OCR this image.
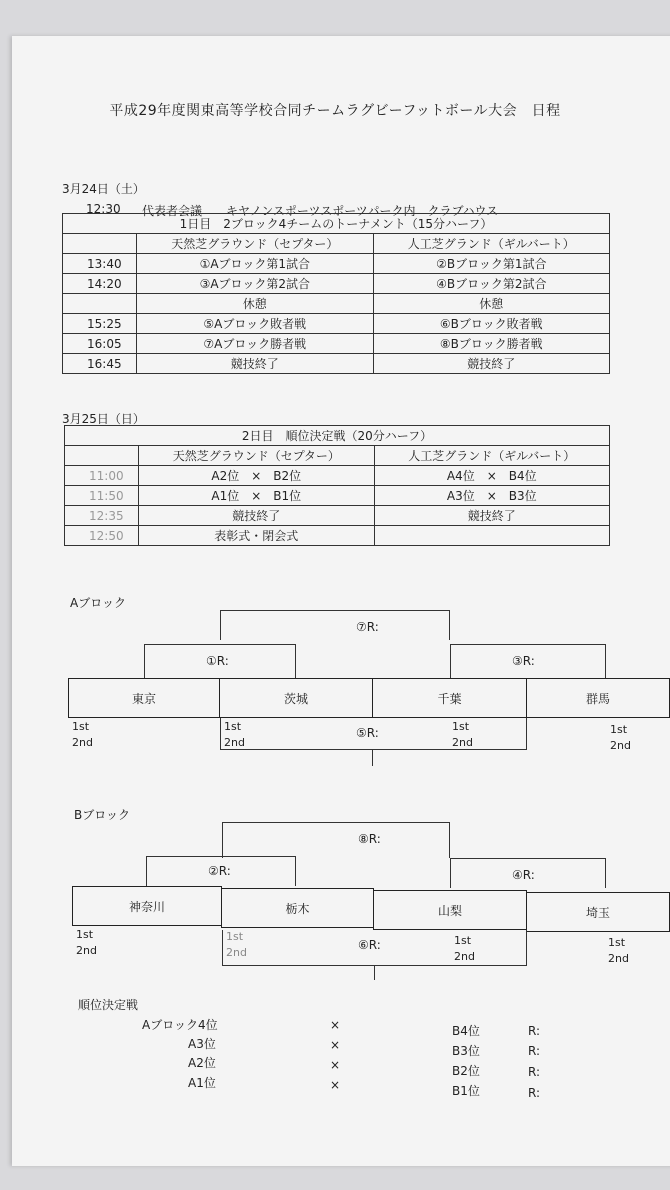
平成29年度関東高等学校合同チームラグビーフットボール大会　日程
3月24日（土）
12:30 代表者会議　　キヤノンスポーツスポーツパーク内　クラブハウス
1日目　2ブロック4チームのトーナメント（15分ハーフ）		
	天然芝グラウンド（セプター）	人工芝グランド（ギルバート）
13:40	①Aブロック第1試合	②Bブロック第1試合
14:20	③Aブロック第2試合	④Bブロック第2試合
	休憩	休憩
15:25	⑤Aブロック敗者戦	⑥Bブロック敗者戦
16:05	⑦Aブロック勝者戦	⑧Bブロック勝者戦
16:45	競技終了	競技終了
3月25日（日）
2日目　順位決定戦（20分ハーフ）		
	天然芝グラウンド（セプター）	人工芝グランド（ギルバート）
11:00	A2位　×　B2位	A4位　×　B4位
11:50	A1位　×　B1位	A3位　×　B3位
12:35	競技終了	競技終了
12:50	表彰式・閉会式	
Aブロック
⑦R:
①R:	③R:
東京	茨城	千葉	群馬
⑤R:
1st
2nd
1st
2nd
1st
2nd
1st
2nd
Bブロック
⑧R:
②R:	④R:
神奈川	栃木	山梨	埼玉
⑥R:
1st
2nd
1st
2nd
1st
2nd
1st
2nd
順位決定戦
Aブロック4位	×	B4位	R:
A3位	×	B3位	R:
A2位	×	B2位	R:
A1位	×	B1位	R:
